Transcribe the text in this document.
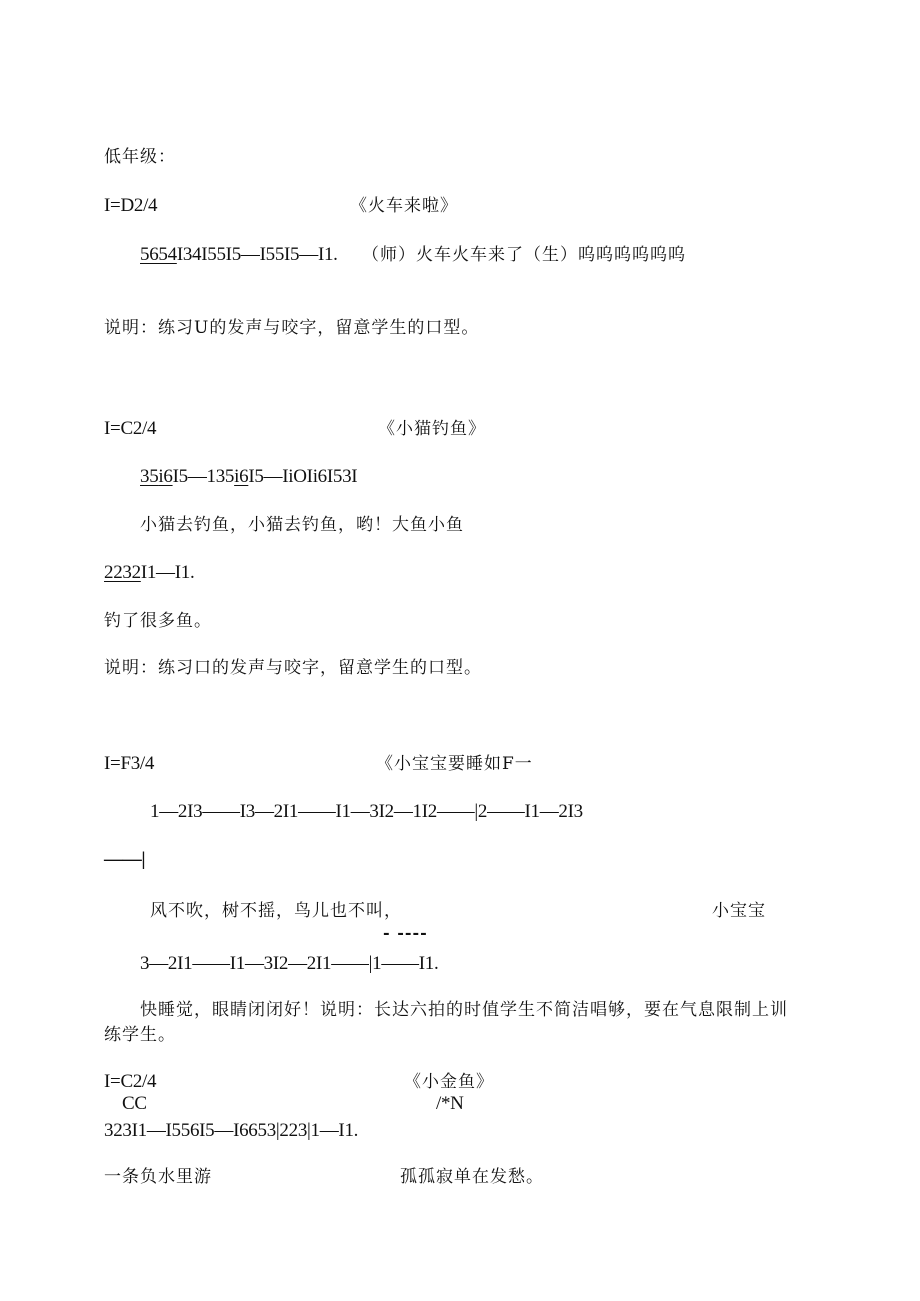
低年级：
I=D2/4	《火车来啦》
5654I34I55I5—I55I5—I1. （师）火车火车来了（生）呜呜呜呜呜呜
说明：练习U的发声与咬字，留意学生的口型。
I=C2/4	《小猫钓鱼》
35i6I5—135i6I5—IiOIi6I53I
小猫去钓鱼，小猫去钓鱼，哟！大鱼小鱼
2232I1—I1.
钓了很多鱼。
说明：练习口的发声与咬字，留意学生的口型。
I=F3/4	《小宝宝要睡如F一
1—2I3——I3—2I1——I1—3I2—1I2——|2——I1—2I3
——|
风不吹，树不摇，鸟儿也不叫，	小宝宝
- ----
3—2I1——I1—3I2—2I1——|1——I1.
快睡觉，眼睛闭闭好！说明：长达六拍的时值学生不简洁唱够，要在气息限制上训
练学生。
I=C2/4	《小金鱼》
CC	/*N
323I1—I556I5—I6653|223|1—I1.
一条负水里游	孤孤寂单在发愁。
